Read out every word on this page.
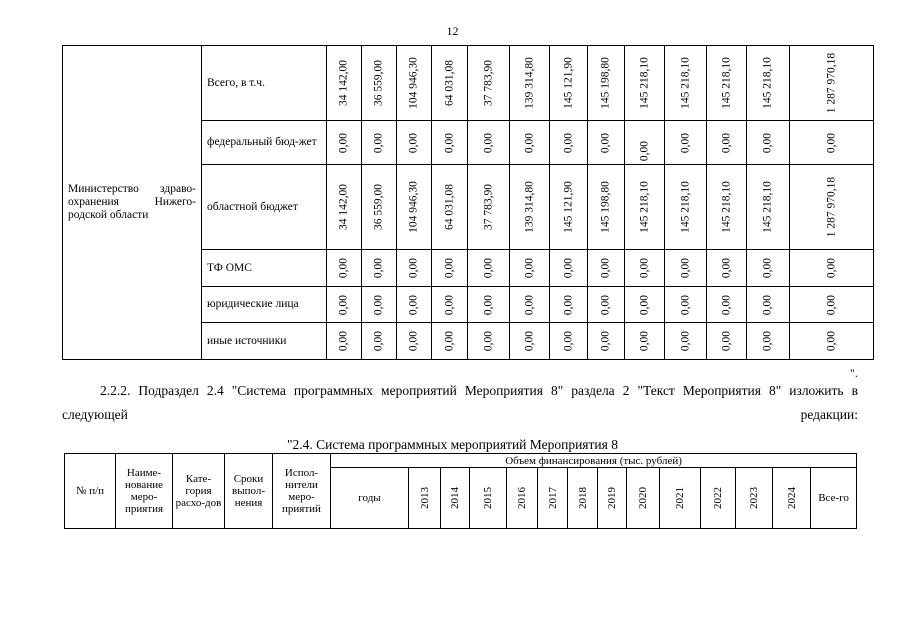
12
Министерство здраво-охранения Нижего-родской области	Всего, в т.ч.	34 142,00	36 559,00	104 946,30	64 031,08	37 783,90	139 314,80	145 121,90	145 198,80	145 218,10	145 218,10	145 218,10	145 218,10	1 287 970,18

	федеральный бюд-жет	0,00	0,00	0,00	0,00	0,00	0,00	0,00	0,00	0,00	0,00	0,00	0,00	0,00

	областной бюджет	34 142,00	36 559,00	104 946,30	64 031,08	37 783,90	139 314,80	145 121,90	145 198,80	145 218,10	145 218,10	145 218,10	145 218,10	1 287 970,18

	ТФ ОМС	0,00	0,00	0,00	0,00	0,00	0,00	0,00	0,00	0,00	0,00	0,00	0,00	0,00

	юридические лица	0,00	0,00	0,00	0,00	0,00	0,00	0,00	0,00	0,00	0,00	0,00	0,00	0,00

	иные источники	0,00	0,00	0,00	0,00	0,00	0,00	0,00	0,00	0,00	0,00	0,00	0,00	0,00
".
2.2.2. Подраздел 2.4 "Система программных мероприятий Мероприятия 8" раздела 2 "Текст Мероприятия 8" изложить в следующей редакции:
"2.4. Система программных мероприятий Мероприятия 8
№ п/п	Наиме-нование меро-приятия	Кате-гория расхо-дов	Сроки выпол-нения	Испол-нители меро-приятий	Объем финансирования (тыс. рублей)													
					годы	2013	2014	2015	2016	2017	2018	2019	2020	2021	2022	2023	2024	Все-го
